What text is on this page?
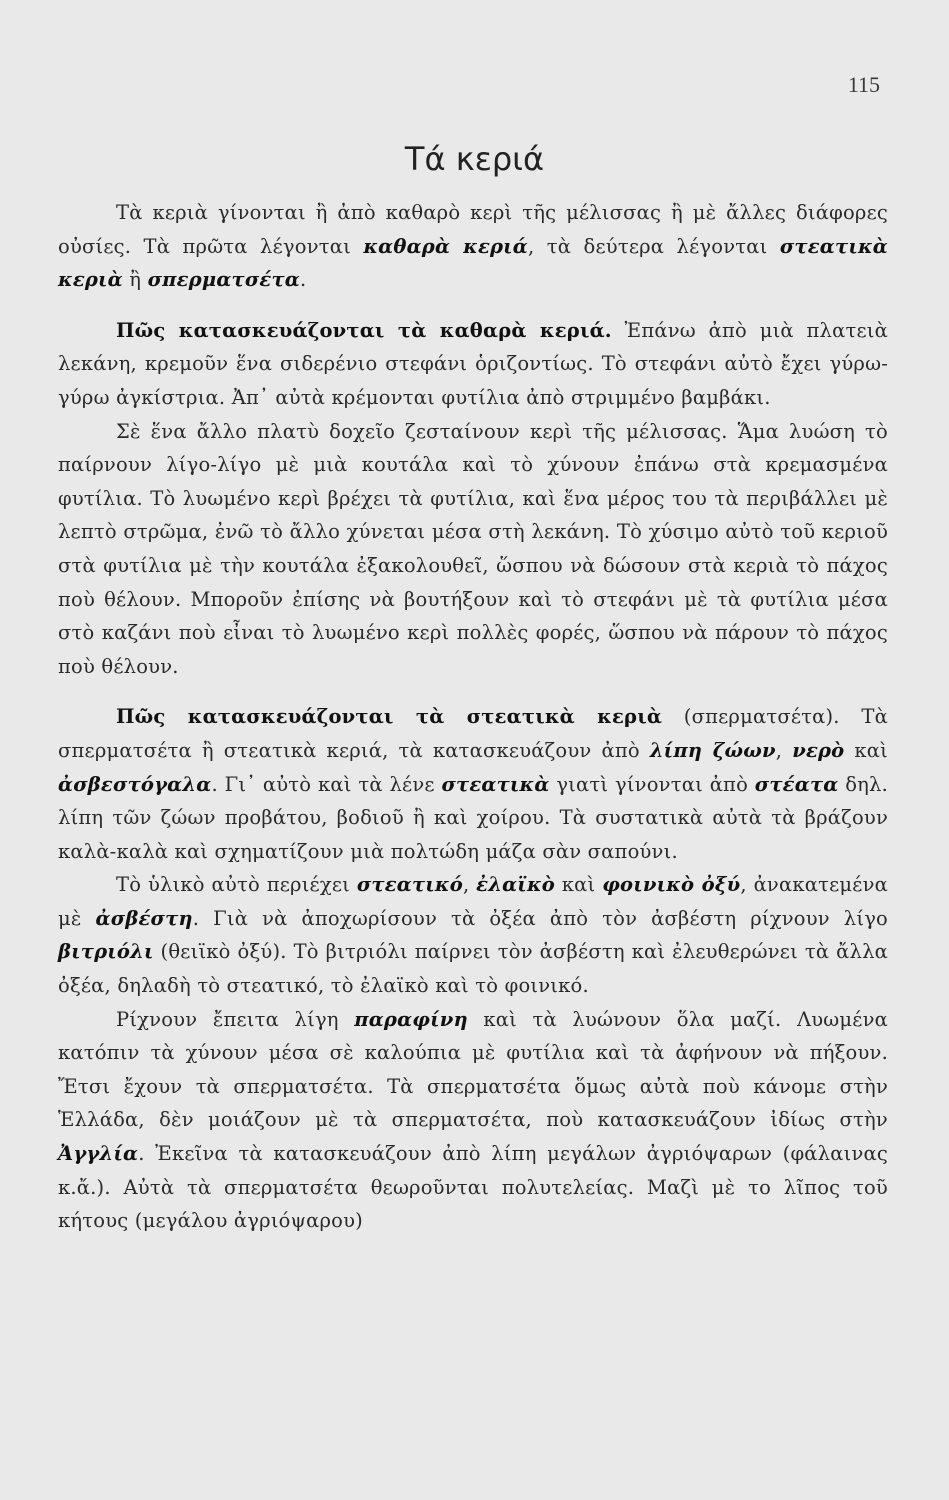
115
Τά κεριά

Τὰ κεριὰ γίνονται ἢ ἀπὸ καθαρὸ κερὶ τῆς μέλισσας ἢ μὲ ἄλλες διάφορες οὐσίες. Τὰ πρῶτα λέγονται καθαρὰ κεριά, τὰ δεύτερα λέγονται στεατικὰ κεριὰ ἢ σπερματσέτα.

Πῶς κατασκευάζονται τὰ καθαρὰ κεριά. Ἐπάνω ἀπὸ μιὰ πλατειὰ λεκάνη, κρεμοῦν ἕνα σιδερένιο στεφάνι ὁριζοντίως. Τὸ στεφάνι αὐτὸ ἔχει γύρω-γύρω ἀγκίστρια. Ἀπ᾿ αὐτὰ κρέμονται φυτίλια ἀπὸ στριμμένο βαμβάκι.

Σὲ ἕνα ἄλλο πλατὺ δοχεῖο ζεσταίνουν κερὶ τῆς μέλισσας. Ἅμα λυώση τὸ παίρνουν λίγο-λίγο μὲ μιὰ κουτάλα καὶ τὸ χύνουν ἐπάνω στὰ κρεμασμένα φυτίλια. Τὸ λυωμένο κερὶ βρέχει τὰ φυτίλια, καὶ ἕνα μέρος του τὰ περιβάλλει μὲ λεπτὸ στρῶμα, ἐνῶ τὸ ἄλλο χύνεται μέσα στὴ λεκάνη. Τὸ χύσιμο αὐτὸ τοῦ κεριοῦ στὰ φυτίλια μὲ τὴν κουτάλα ἐξακολουθεῖ, ὥσπου νὰ δώσουν στὰ κεριὰ τὸ πάχος ποὺ θέλουν. Μποροῦν ἐπίσης νὰ βουτήξουν καὶ τὸ στεφάνι μὲ τὰ φυτίλια μέσα στὸ καζάνι ποὺ εἶναι τὸ λυωμένο κερὶ πολλὲς φορές, ὥσπου νὰ πάρουν τὸ πάχος ποὺ θέλουν.

Πῶς κατασκευάζονται τὰ στεατικὰ κεριὰ (σπερματσέτα). Τὰ σπερματσέτα ἢ στεατικὰ κεριά, τὰ κατασκευάζουν ἀπὸ λίπη ζώων, νερὸ καὶ ἀσβεστόγαλα. Γι᾿ αὐτὸ καὶ τὰ λένε στεατικὰ γιατὶ γίνονται ἀπὸ στέατα δηλ. λίπη τῶν ζώων προβάτου, βοδιοῦ ἢ καὶ χοίρου. Τὰ συστατικὰ αὐτὰ τὰ βράζουν καλὰ-καλὰ καὶ σχηματίζουν μιὰ πολτώδη μάζα σὰν σαπούνι.

Τὸ ὑλικὸ αὐτὸ περιέχει στεατικό, ἐλαϊκὸ καὶ φοινικὸ ὀξύ, ἀνακατεμένα μὲ ἀσβέστη. Γιὰ νὰ ἀποχωρίσουν τὰ ὀξέα ἀπὸ τὸν ἀσβέστη ρίχνουν λίγο βιτριόλι (θειϊκὸ ὀξύ). Τὸ βιτριόλι παίρνει τὸν ἀσβέστη καὶ ἐλευθερώνει τὰ ἄλλα ὀξέα, δηλαδὴ τὸ στεατικό, τὸ ἐλαϊκὸ καὶ τὸ φοινικό.

Ρίχνουν ἔπειτα λίγη παραφίνη καὶ τὰ λυώνουν ὅλα μαζί. Λυωμένα κατόπιν τὰ χύνουν μέσα σὲ καλούπια μὲ φυτίλια καὶ τὰ ἀφήνουν νὰ πήξουν. Ἔτσι ἔχουν τὰ σπερματσέτα. Τὰ σπερματσέτα ὅμως αὐτὰ ποὺ κάνομε στὴν Ἑλλάδα, δὲν μοιάζουν μὲ τὰ σπερματσέτα, ποὺ κατασκευάζουν ἰδίως στὴν Ἀγγλία. Ἐκεῖνα τὰ κατασκευάζουν ἀπὸ λίπη μεγάλων ἀγριόψαρων (φάλαινας κ.ἄ.). Αὐτὰ τὰ σπερματσέτα θεωροῦνται πολυτελείας. Μαζὶ μὲ το λῖπος τοῦ κήτους (μεγάλου ἀγριόψαρου)
